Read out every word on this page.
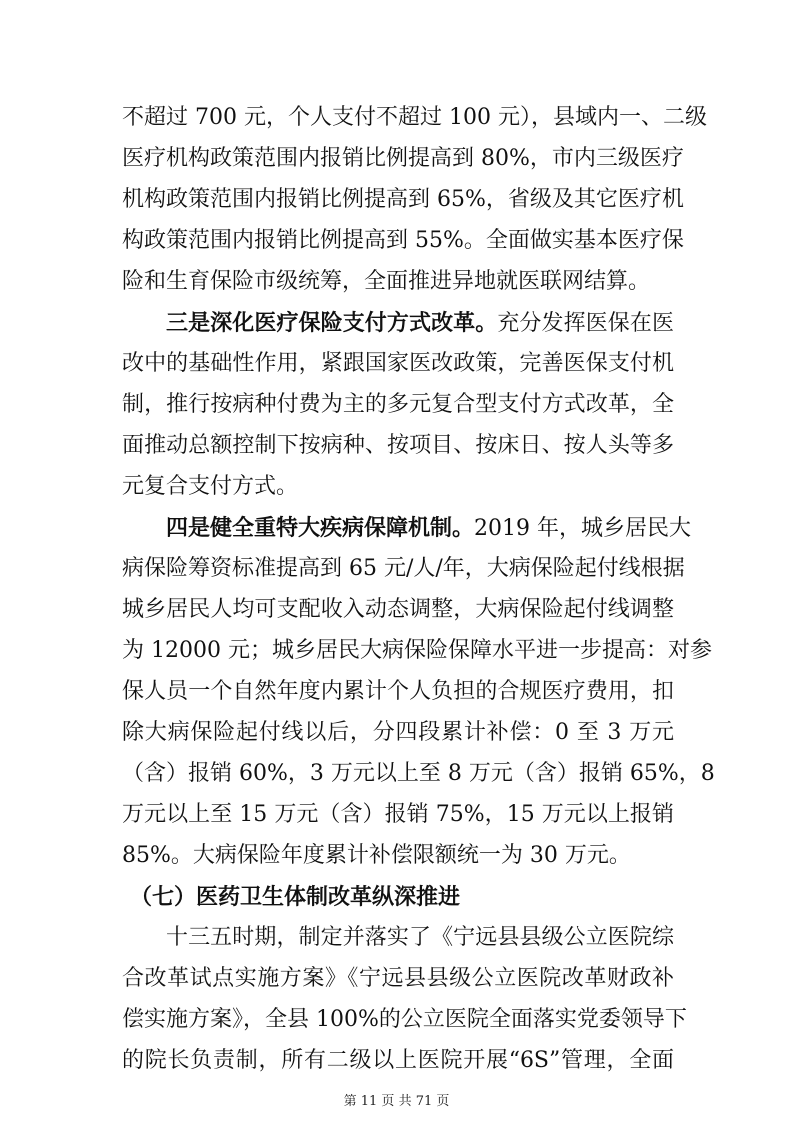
不超过 700 元，个人支付不超过 100 元），县域内一、二级
医疗机构政策范围内报销比例提高到 80%，市内三级医疗
机构政策范围内报销比例提高到 65%，省级及其它医疗机
构政策范围内报销比例提高到 55%。全面做实基本医疗保
险和生育保险市级统筹，全面推进异地就医联网结算。
三是深化医疗保险支付方式改革。充分发挥医保在医
改中的基础性作用，紧跟国家医改政策，完善医保支付机
制，推行按病种付费为主的多元复合型支付方式改革，全
面推动总额控制下按病种、按项目、按床日、按人头等多
元复合支付方式。
四是健全重特大疾病保障机制。2019 年，城乡居民大
病保险筹资标准提高到 65 元/人/年，大病保险起付线根据
城乡居民人均可支配收入动态调整，大病保险起付线调整
为 12000 元；城乡居民大病保险保障水平进一步提高：对参
保人员一个自然年度内累计个人负担的合规医疗费用，扣
除大病保险起付线以后，分四段累计补偿：0 至 3 万元
（含）报销 60%，3 万元以上至 8 万元（含）报销 65%，8
万元以上至 15 万元（含）报销 75%，15 万元以上报销
85%。大病保险年度累计补偿限额统一为 30 万元。
（七）医药卫生体制改革纵深推进
十三五时期，制定并落实了《宁远县县级公立医院综
合改革试点实施方案》《宁远县县级公立医院改革财政补
偿实施方案》，全县 100%的公立医院全面落实党委领导下
的院长负责制，所有二级以上医院开展“6S”管理，全面
第 11 页 共 71 页
